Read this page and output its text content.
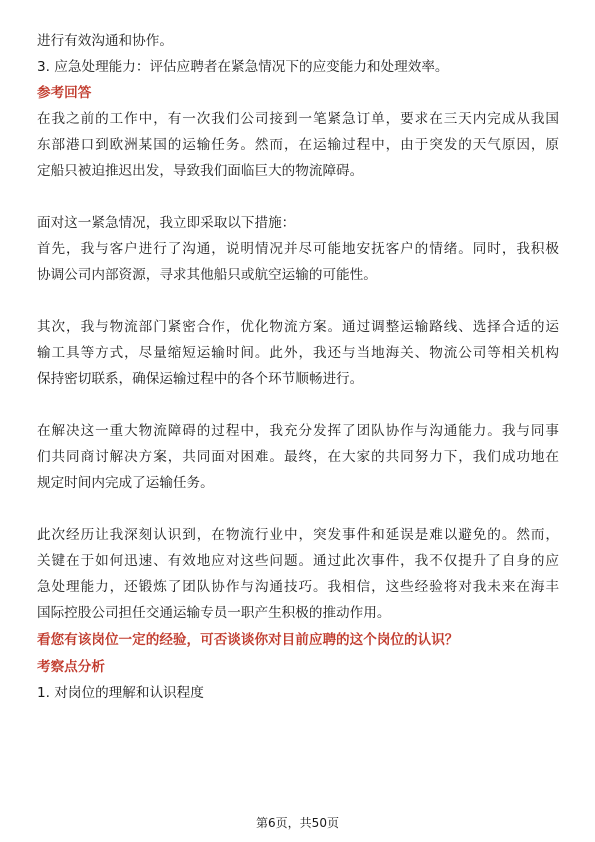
进行有效沟通和协作。
3. 应急处理能力：评估应聘者在紧急情况下的应变能力和处理效率。
参考回答
在我之前的工作中，有一次我们公司接到一笔紧急订单，要求在三天内完成从我国
东部港口到欧洲某国的运输任务。然而，在运输过程中，由于突发的天气原因，原
定船只被迫推迟出发，导致我们面临巨大的物流障碍。
面对这一紧急情况，我立即采取以下措施：
首先，我与客户进行了沟通，说明情况并尽可能地安抚客户的情绪。同时，我积极
协调公司内部资源，寻求其他船只或航空运输的可能性。
其次，我与物流部门紧密合作，优化物流方案。通过调整运输路线、选择合适的运
输工具等方式，尽量缩短运输时间。此外，我还与当地海关、物流公司等相关机构
保持密切联系，确保运输过程中的各个环节顺畅进行。
在解决这一重大物流障碍的过程中，我充分发挥了团队协作与沟通能力。我与同事
们共同商讨解决方案，共同面对困难。最终，在大家的共同努力下，我们成功地在
规定时间内完成了运输任务。
此次经历让我深刻认识到，在物流行业中，突发事件和延误是难以避免的。然而，
关键在于如何迅速、有效地应对这些问题。通过此次事件，我不仅提升了自身的应
急处理能力，还锻炼了团队协作与沟通技巧。我相信，这些经验将对我未来在海丰
国际控股公司担任交通运输专员一职产生积极的推动作用。
看您有该岗位一定的经验，可否谈谈你对目前应聘的这个岗位的认识？
考察点分析
1. 对岗位的理解和认识程度
第6页，共50页
